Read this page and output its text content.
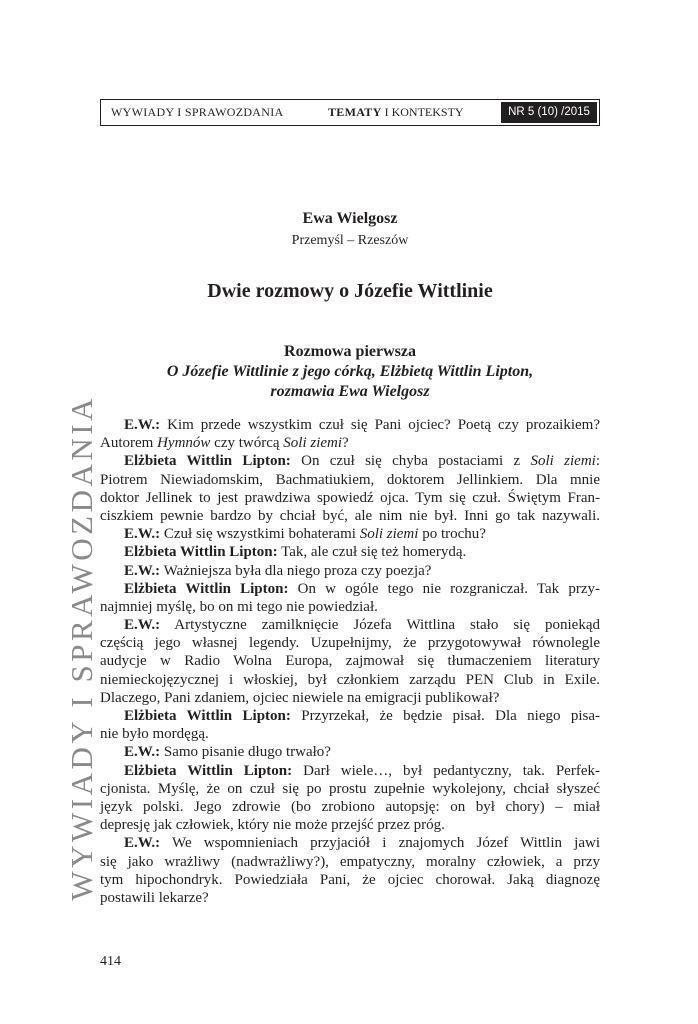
WYWIADY I SPRAWOZDANIA	TEMATY I KONTEKSTY	NR 5 (10) /2015
WYWIADY I SPRAWOZDANIA
Ewa Wielgosz
Przemyśl – Rzeszów
Dwie rozmowy o Józefie Wittlinie
Rozmowa pierwsza
O Józefie Wittlinie z jego córką, Elżbietą Wittlin Lipton,
rozmawia Ewa Wielgosz
E.W.: Kim przede wszystkim czuł się Pani ojciec? Poetą czy prozaikiem?
Autorem Hymnów czy twórcą Soli ziemi?
Elżbieta Wittlin Lipton: On czuł się chyba postaciami z Soli ziemi:
Piotrem Niewiadomskim, Bachmatiukiem, doktorem Jellinkiem. Dla mnie
doktor Jellinek to jest prawdziwa spowiedź ojca. Tym się czuł. Świętym Fran-
ciszkiem pewnie bardzo by chciał być, ale nim nie był. Inni go tak nazywali.
E.W.: Czuł się wszystkimi bohaterami Soli ziemi po trochu?
Elżbieta Wittlin Lipton: Tak, ale czuł się też homerydą.
E.W.: Ważniejsza była dla niego proza czy poezja?
Elżbieta Wittlin Lipton: On w ogóle tego nie rozgraniczał. Tak przy-
najmniej myślę, bo on mi tego nie powiedział.
E.W.: Artystyczne zamilknięcie Józefa Wittlina stało się poniekąd
częścią jego własnej legendy. Uzupełnijmy, że przygotowywał równolegle
audycje w Radio Wolna Europa, zajmował się tłumaczeniem literatury
niemieckojęzycznej i włoskiej, był członkiem zarządu PEN Club in Exile.
Dlaczego, Pani zdaniem, ojciec niewiele na emigracji publikował?
Elżbieta Wittlin Lipton: Przyrzekał, że będzie pisał. Dla niego pisa-
nie było mordęgą.
E.W.: Samo pisanie długo trwało?
Elżbieta Wittlin Lipton: Darł wiele…, był pedantyczny, tak. Perfek-
cjonista. Myślę, że on czuł się po prostu zupełnie wykolejony, chciał słyszeć
język polski. Jego zdrowie (bo zrobiono autopsję: on był chory) – miał
depresję jak człowiek, który nie może przejść przez próg.
E.W.: We wspomnieniach przyjaciół i znajomych Józef Wittlin jawi
się jako wrażliwy (nadwrażliwy?), empatyczny, moralny człowiek, a przy
tym hipochondryk. Powiedziała Pani, że ojciec chorował. Jaką diagnozę
postawili lekarze?
414
